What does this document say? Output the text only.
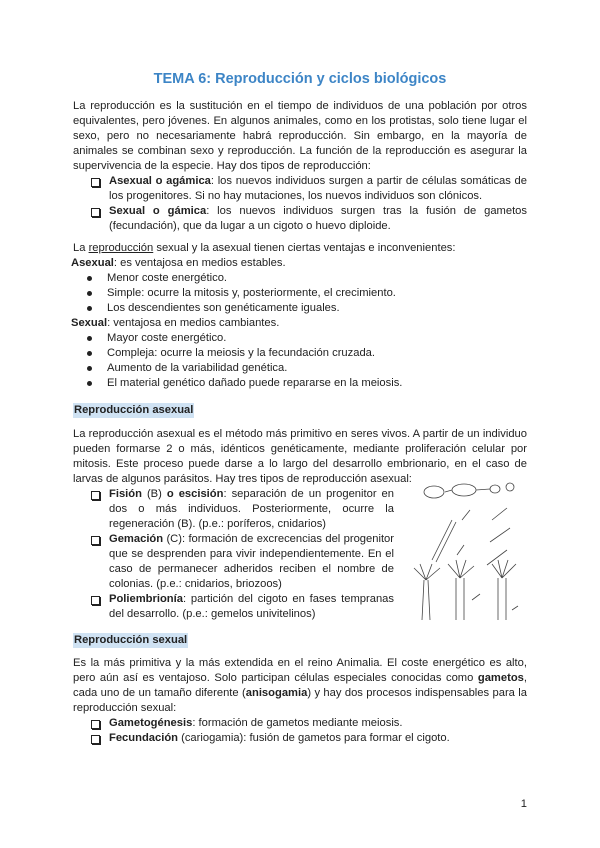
TEMA 6: Reproducción y ciclos biológicos

La reproducción es la sustitución en el tiempo de individuos de una población por otros equivalentes, pero jóvenes. En algunos animales, como en los protistas, solo tiene lugar el sexo, pero no necesariamente habrá reproducción. Sin embargo, en la mayoría de animales se combinan sexo y reproducción. La función de la reproducción es asegurar la supervivencia de la especie. Hay dos tipos de reproducción:

Asexual o agámica: los nuevos individuos surgen a partir de células somáticas de los progenitores. Si no hay mutaciones, los nuevos individuos son clónicos.
Sexual o gámica: los nuevos individuos surgen tras la fusión de gametos (fecundación), que da lugar a un cigoto o huevo diploide.

La reproducción sexual y la asexual tienen ciertas ventajas e inconvenientes:

Asexual: es ventajosa en medios estables.

Menor coste energético.
Simple: ocurre la mitosis y, posteriormente, el crecimiento.
Los descendientes son genéticamente iguales.

Sexual: ventajosa en medios cambiantes.

Mayor coste energético.
Compleja: ocurre la meiosis y la fecundación cruzada.
Aumento de la variabilidad genética.
El material genético dañado puede repararse en la meiosis.
Reproducción asexual

La reproducción asexual es el método más primitivo en seres vivos. A partir de un individuo pueden formarse 2 o más, idénticos genéticamente, mediante proliferación celular por mitosis. Este proceso puede darse a lo largo del desarrollo embrionario, en el caso de larvas de algunos parásitos. Hay tres tipos de reproducción asexual:

Fisión (B) o escisión: separación de un progenitor en dos o más individuos. Posteriormente, ocurre la regeneración (B). (p.e.: poríferos, cnidarios)
Gemación (C): formación de excrecencias del progenitor que se desprenden para vivir independientemente. En el caso de permanecer adheridos reciben el nombre de colonias. (p.e.: cnidarios, briozoos)
Poliembrionía: partición del cigoto en fases tempranas del desarrollo. (p.e.: gemelos univitelinos)
Reproducción sexual

Es la más primitiva y la más extendida en el reino Animalia. El coste energético es alto, pero aún así es ventajoso. Solo participan células especiales conocidas como gametos, cada uno de un tamaño diferente (anisogamia) y hay dos procesos indispensables para la reproducción sexual:

Gametogénesis: formación de gametos mediante meiosis.
Fecundación (cariogamia): fusión de gametos para formar el cigoto.
1
